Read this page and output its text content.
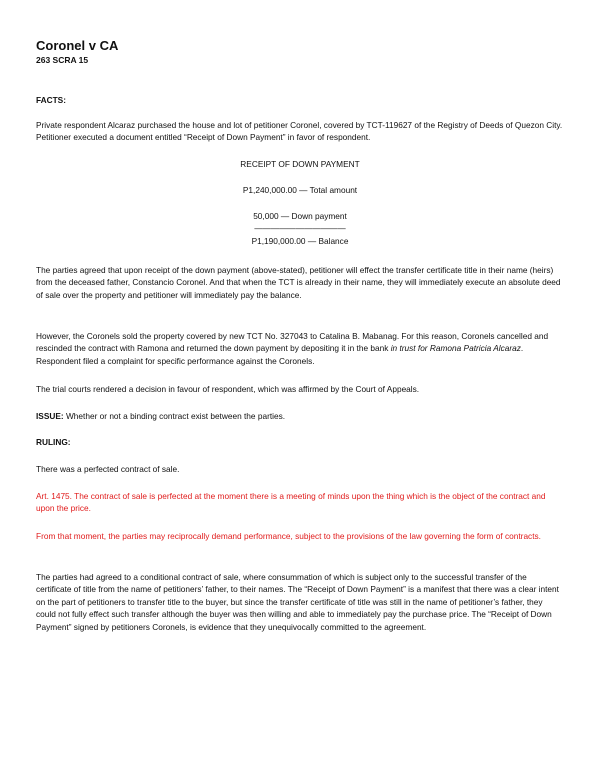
Coronel v CA
263 SCRA 15
FACTS:
Private respondent Alcaraz purchased the house and lot of petitioner Coronel, covered by TCT-119627 of the Registry of Deeds of Quezon City. Petitioner executed a document entitled “Receipt of Down Payment” in favor of respondent.
RECEIPT OF DOWN PAYMENT
P1,240,000.00 — Total amount
50,000 — Down payment
———————————
P1,190,000.00 — Balance
The parties agreed that upon receipt of the down payment (above-stated), petitioner will effect the transfer certificate title in their name (heirs) from the deceased father, Constancio Coronel. And that when the TCT is already in their name, they will immediately execute an absolute deed of sale over the property and petitioner will immediately pay the balance.
However, the Coronels sold the property covered by new TCT No. 327043 to Catalina B. Mabanag. For this reason, Coronels cancelled and rescinded the contract with Ramona and returned the down payment by depositing it in the bank in trust for Ramona Patricia Alcaraz. Respondent filed a complaint for specific performance against the Coronels.
The trial courts rendered a decision in favour of respondent, which was affirmed by the Court of Appeals.
ISSUE: Whether or not a binding contract exist between the parties.
RULING:
There was a perfected contract of sale.
Art. 1475. The contract of sale is perfected at the moment there is a meeting of minds upon the thing which is the object of the contract and upon the price.
From that moment, the parties may reciprocally demand performance, subject to the provisions of the law governing the form of contracts.
The parties had agreed to a conditional contract of sale, where consummation of which is subject only to the successful transfer of the certificate of title from the name of petitioners’ father, to their names. The “Receipt of Down Payment” is a manifest that there was a clear intent on the part of petitioners to transfer title to the buyer, but since the transfer certificate of title was still in the name of petitioner’s father, they could not fully effect such transfer although the buyer was then willing and able to immediately pay the purchase price. The “Receipt of Down Payment” signed by petitioners Coronels, is evidence that they unequivocally committed to the agreement.
